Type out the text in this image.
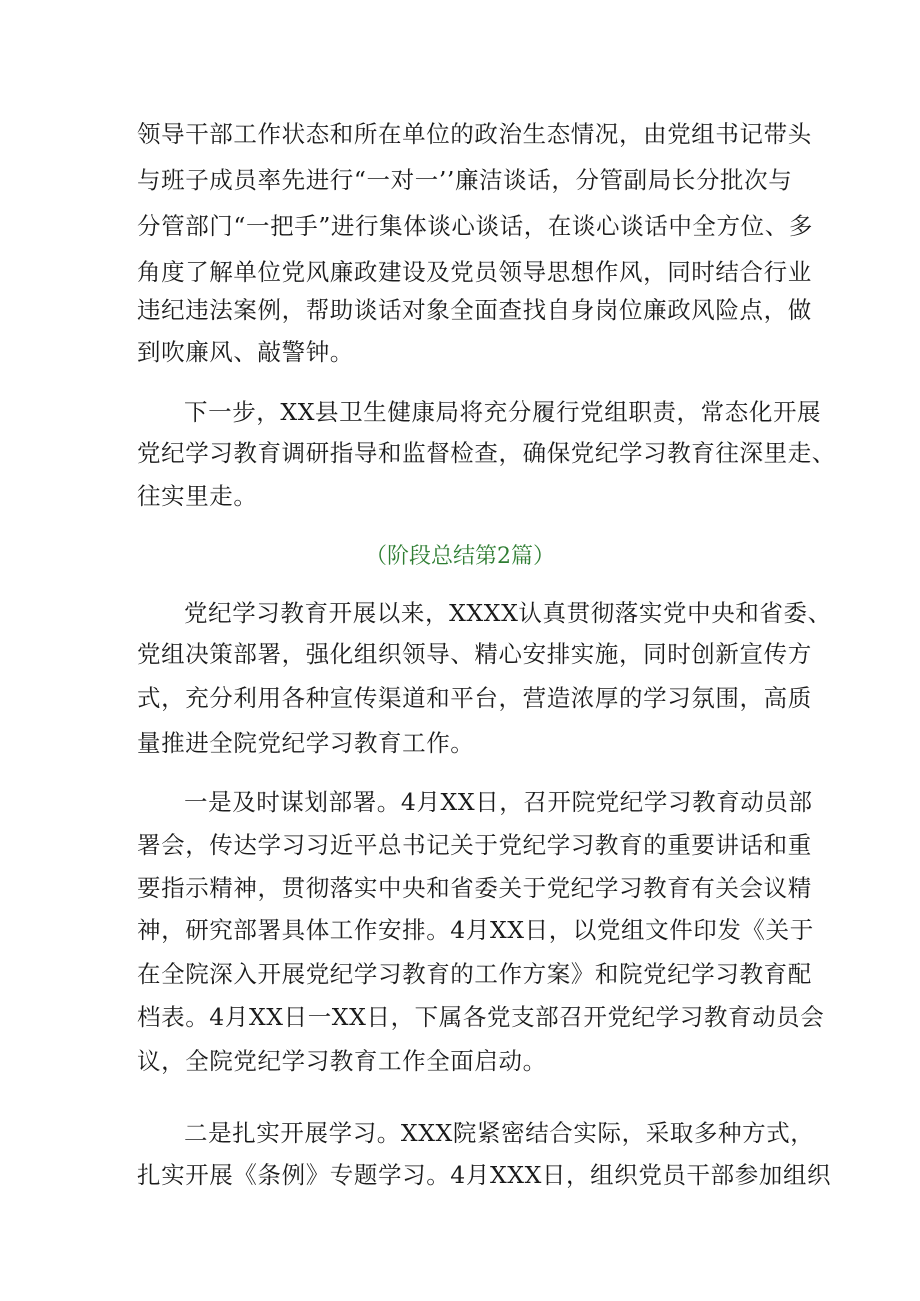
领导干部工作状态和所在单位的政治生态情况，由党组书记带头
与班子成员率先进行“一对一’’廉洁谈话，分管副局长分批次与
分管部门“一把手”进行集体谈心谈话，在谈心谈话中全方位、多
角度了解单位党风廉政建设及党员领导思想作风，同时结合行业
违纪违法案例，帮助谈话对象全面查找自身岗位廉政风险点，做
到吹廉风、敲警钟。
下一步，XX县卫生健康局将充分履行党组职责，常态化开展
党纪学习教育调研指导和监督检查，确保党纪学习教育往深里走、
往实里走。
（阶段总结第2篇）
党纪学习教育开展以来，XXXX认真贯彻落实党中央和省委、
党组决策部署，强化组织领导、精心安排实施，同时创新宣传方
式，充分利用各种宣传渠道和平台，营造浓厚的学习氛围，高质
量推进全院党纪学习教育工作。
一是及时谋划部署。4月XX日，召开院党纪学习教育动员部
署会，传达学习习近平总书记关于党纪学习教育的重要讲话和重
要指示精神，贯彻落实中央和省委关于党纪学习教育有关会议精
神，研究部署具体工作安排。4月XX日，以党组文件印发《关于
在全院深入开展党纪学习教育的工作方案》和院党纪学习教育配
档表。4月XX日一XX日，下属各党支部召开党纪学习教育动员会
议，全院党纪学习教育工作全面启动。
二是扎实开展学习。XXX院紧密结合实际，采取多种方式，
扎实开展《条例》专题学习。4月XXX日，组织党员干部参加组织
